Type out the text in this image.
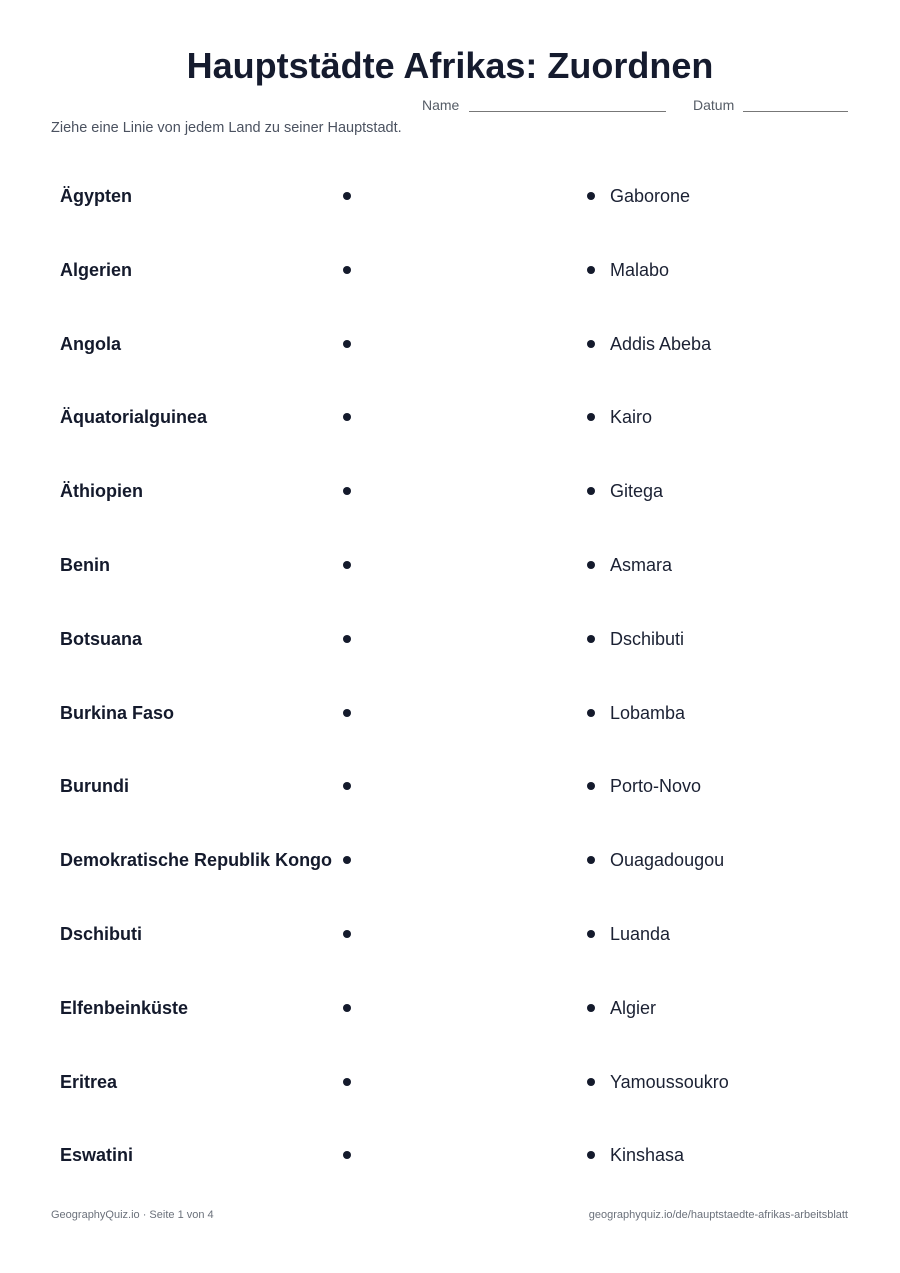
Hauptstädte Afrikas: Zuordnen
Name	Datum
Ziehe eine Linie von jedem Land zu seiner Hauptstadt.
Ägypten	Gaborone
Algerien	Malabo
Angola	Addis Abeba
Äquatorialguinea	Kairo
Äthiopien	Gitega
Benin	Asmara
Botsuana	Dschibuti
Burkina Faso	Lobamba
Burundi	Porto-Novo
Demokratische Republik Kongo	Ouagadougou
Dschibuti	Luanda
Elfenbeinküste	Algier
Eritrea	Yamoussoukro
Eswatini	Kinshasa
GeographyQuiz.io · Seite 1 von 4	geographyquiz.io/de/hauptstaedte-afrikas-arbeitsblatt
